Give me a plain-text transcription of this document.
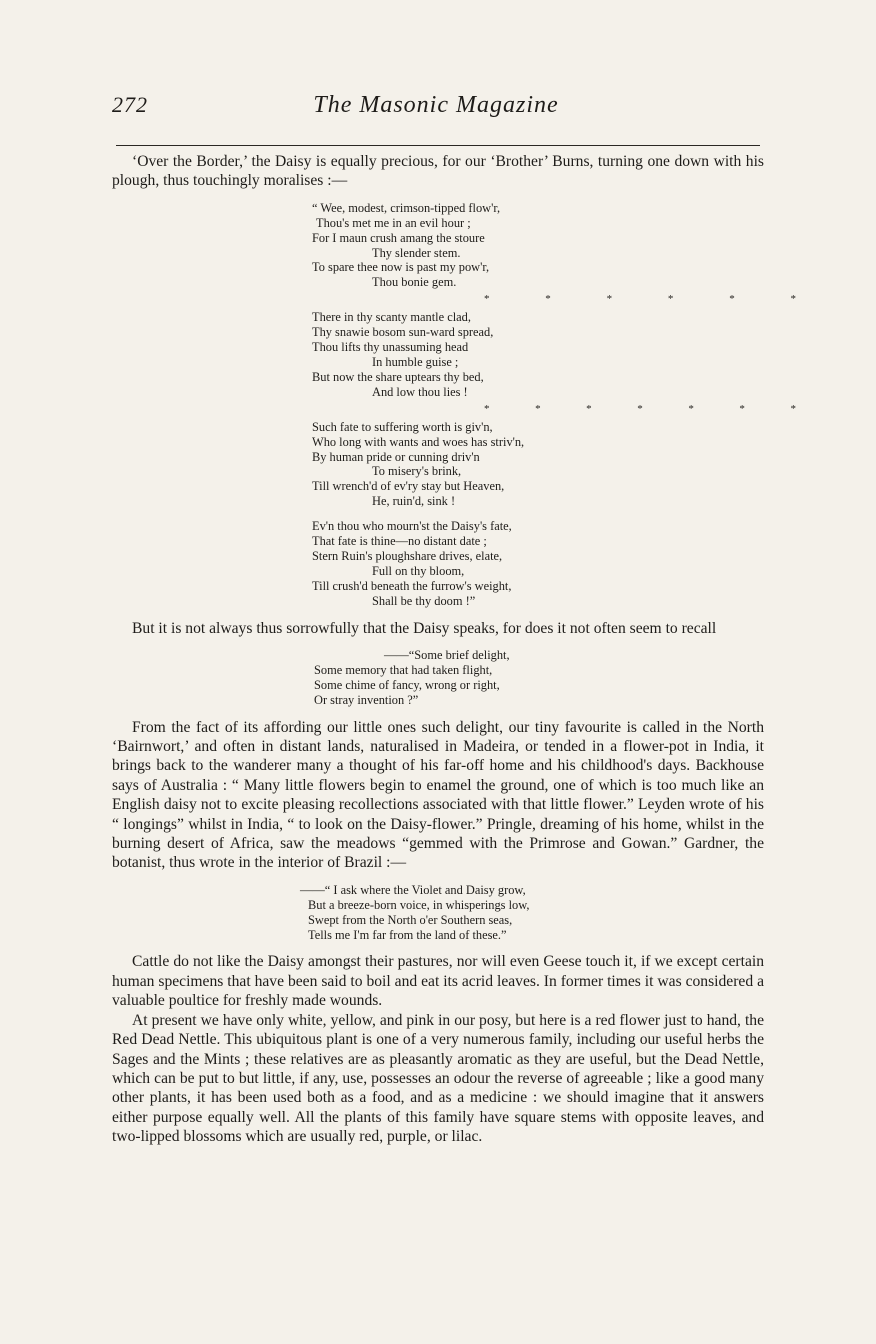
272	The Masonic Magazine

‘Over the Border,’ the Daisy is equally precious, for our ‘Brother’ Burns, turning one down with his plough, thus touchingly moralises :—

“ Wee, modest, crimson-tipped flow'r,
Thou's met me in an evil hour ;
For I maun crush amang the stoure
Thy slender stem.
To spare thee now is past my pow'r,
Thou bonie gem.
*	*	*	*	*	*
There in thy scanty mantle clad,
Thy snawie bosom sun-ward spread,
Thou lifts thy unassuming head
In humble guise ;
But now the share uptears thy bed,
And low thou lies !
*	*	*	*	*	*	*
Such fate to suffering worth is giv'n,
Who long with wants and woes has striv'n,
By human pride or cunning driv'n
To misery's brink,
Till wrench'd of ev'ry stay but Heaven,
He, ruin'd, sink !
Ev'n thou who mourn'st the Daisy's fate,
That fate is thine—no distant date ;
Stern Ruin's ploughshare drives, elate,
Full on thy bloom,
Till crush'd beneath the furrow's weight,
Shall be thy doom !”

But it is not always thus sorrowfully that the Daisy speaks, for does it not often seem to recall

——“Some brief delight,
Some memory that had taken flight,
Some chime of fancy, wrong or right,
Or stray invention ?”

From the fact of its affording our little ones such delight, our tiny favourite is called in the North ‘Bairnwort,’ and often in distant lands, naturalised in Madeira, or tended in a flower-pot in India, it brings back to the wanderer many a thought of his far-off home and his childhood's days. Backhouse says of Australia : “ Many little flowers begin to enamel the ground, one of which is too much like an English daisy not to excite pleasing recollections associated with that little flower.” Leyden wrote of his “ longings” whilst in India, “ to look on the Daisy-flower.” Pringle, dreaming of his home, whilst in the burning desert of Africa, saw the meadows “gemmed with the Primrose and Gowan.” Gardner, the botanist, thus wrote in the interior of Brazil :—

——“ I ask where the Violet and Daisy grow,
But a breeze-born voice, in whisperings low,
Swept from the North o'er Southern seas,
Tells me I'm far from the land of these.”

Cattle do not like the Daisy amongst their pastures, nor will even Geese touch it, if we except certain human specimens that have been said to boil and eat its acrid leaves. In former times it was considered a valuable poultice for freshly made wounds.

At present we have only white, yellow, and pink in our posy, but here is a red flower just to hand, the Red Dead Nettle. This ubiquitous plant is one of a very numerous family, including our useful herbs the Sages and the Mints ; these relatives are as pleasantly aromatic as they are useful, but the Dead Nettle, which can be put to but little, if any, use, possesses an odour the reverse of agreeable ; like a good many other plants, it has been used both as a food, and as a medicine : we should imagine that it answers either purpose equally well. All the plants of this family have square stems with opposite leaves, and two-lipped blossoms which are usually red, purple, or lilac.
